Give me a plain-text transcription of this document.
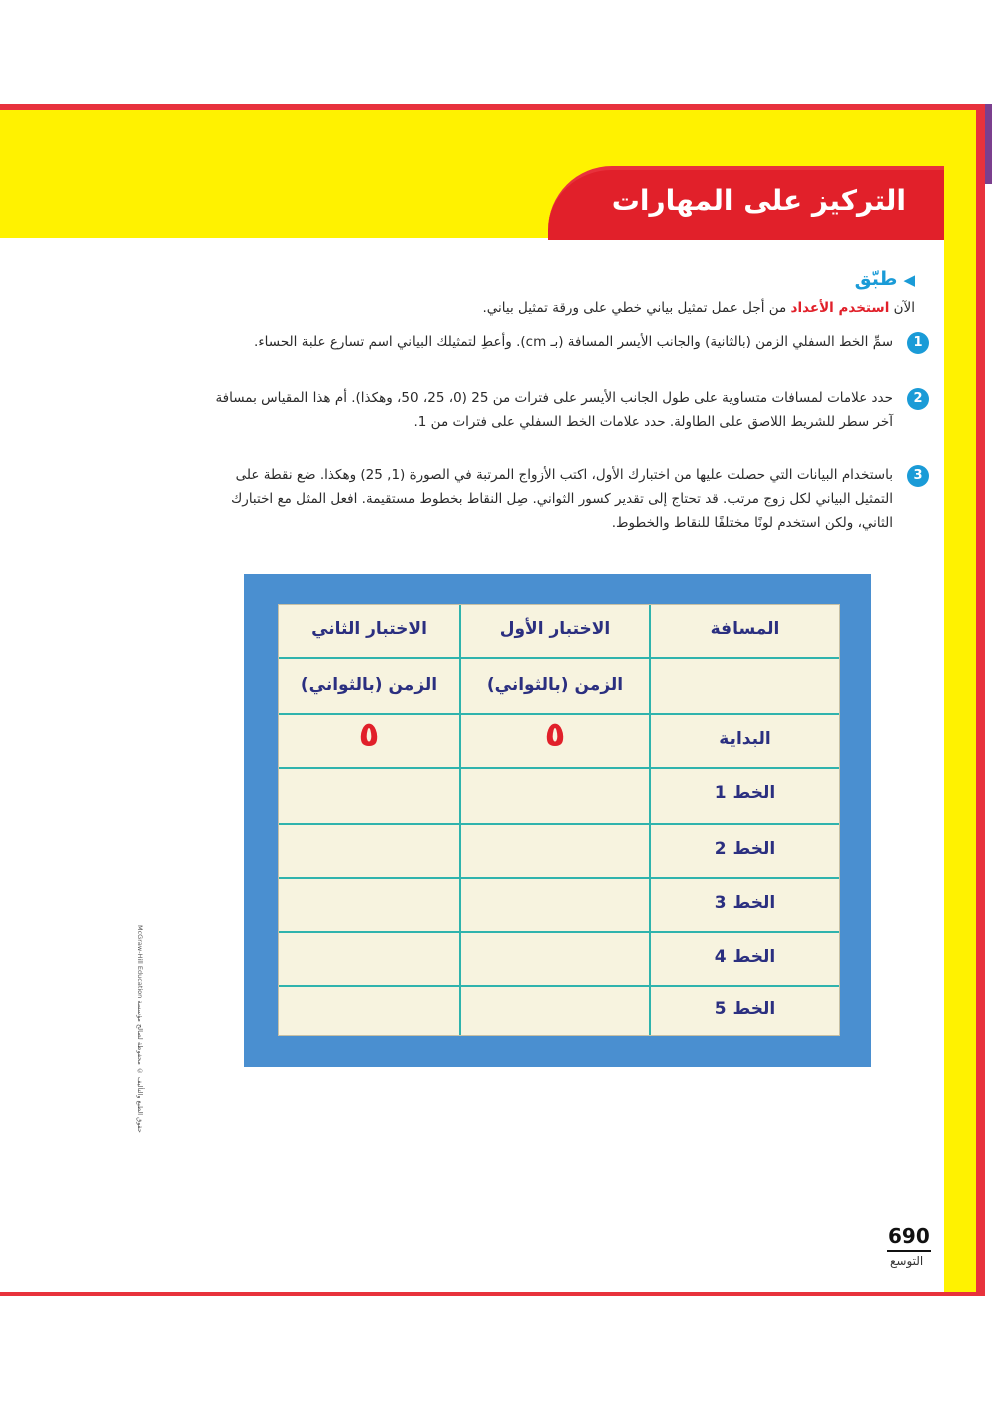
التركيز على المهارات
◀طبّق
الآن استخدم الأعداد من أجل عمل تمثيل بياني خطي على ورقة تمثيل بياني.
1

سمِّ الخط السفلي الزمن (بالثانية) والجانب الأيسر المسافة (بـ cm). وأعطِ لتمثيلك البياني اسم تسارع علبة الحساء.

2

حدد علامات لمسافات متساوية على طول الجانب الأيسر على فترات من 25 (0، 25، 50، وهكذا). أم هذا المقياس بمسافة آخر سطر للشريط اللاصق على الطاولة. حدد علامات الخط السفلي على فترات من 1.

3

باستخدام البيانات التي حصلت عليها من اختبارك الأول، اكتب الأزواج المرتبة في الصورة (1, 25) وهكذا. ضع نقطة على التمثيل البياني لكل زوج مرتب. قد تحتاج إلى تقدير كسور الثواني. صِل النقاط بخطوط مستقيمة. افعل المثل مع اختبارك الثاني، ولكن استخدم لونًا مختلفًا للنقاط والخطوط.

المسافة
الاختبار الأول
الاختبار الثاني
الزمن (بالثواني)
الزمن (بالثواني)
البداية
٥
٥
الخط 1
الخط 2
الخط 3
الخط 4
الخط 5
McGraw-Hill Education حقوق الطبع والتأليف © محفوظة لصالح مؤسسة
690
التوسع
